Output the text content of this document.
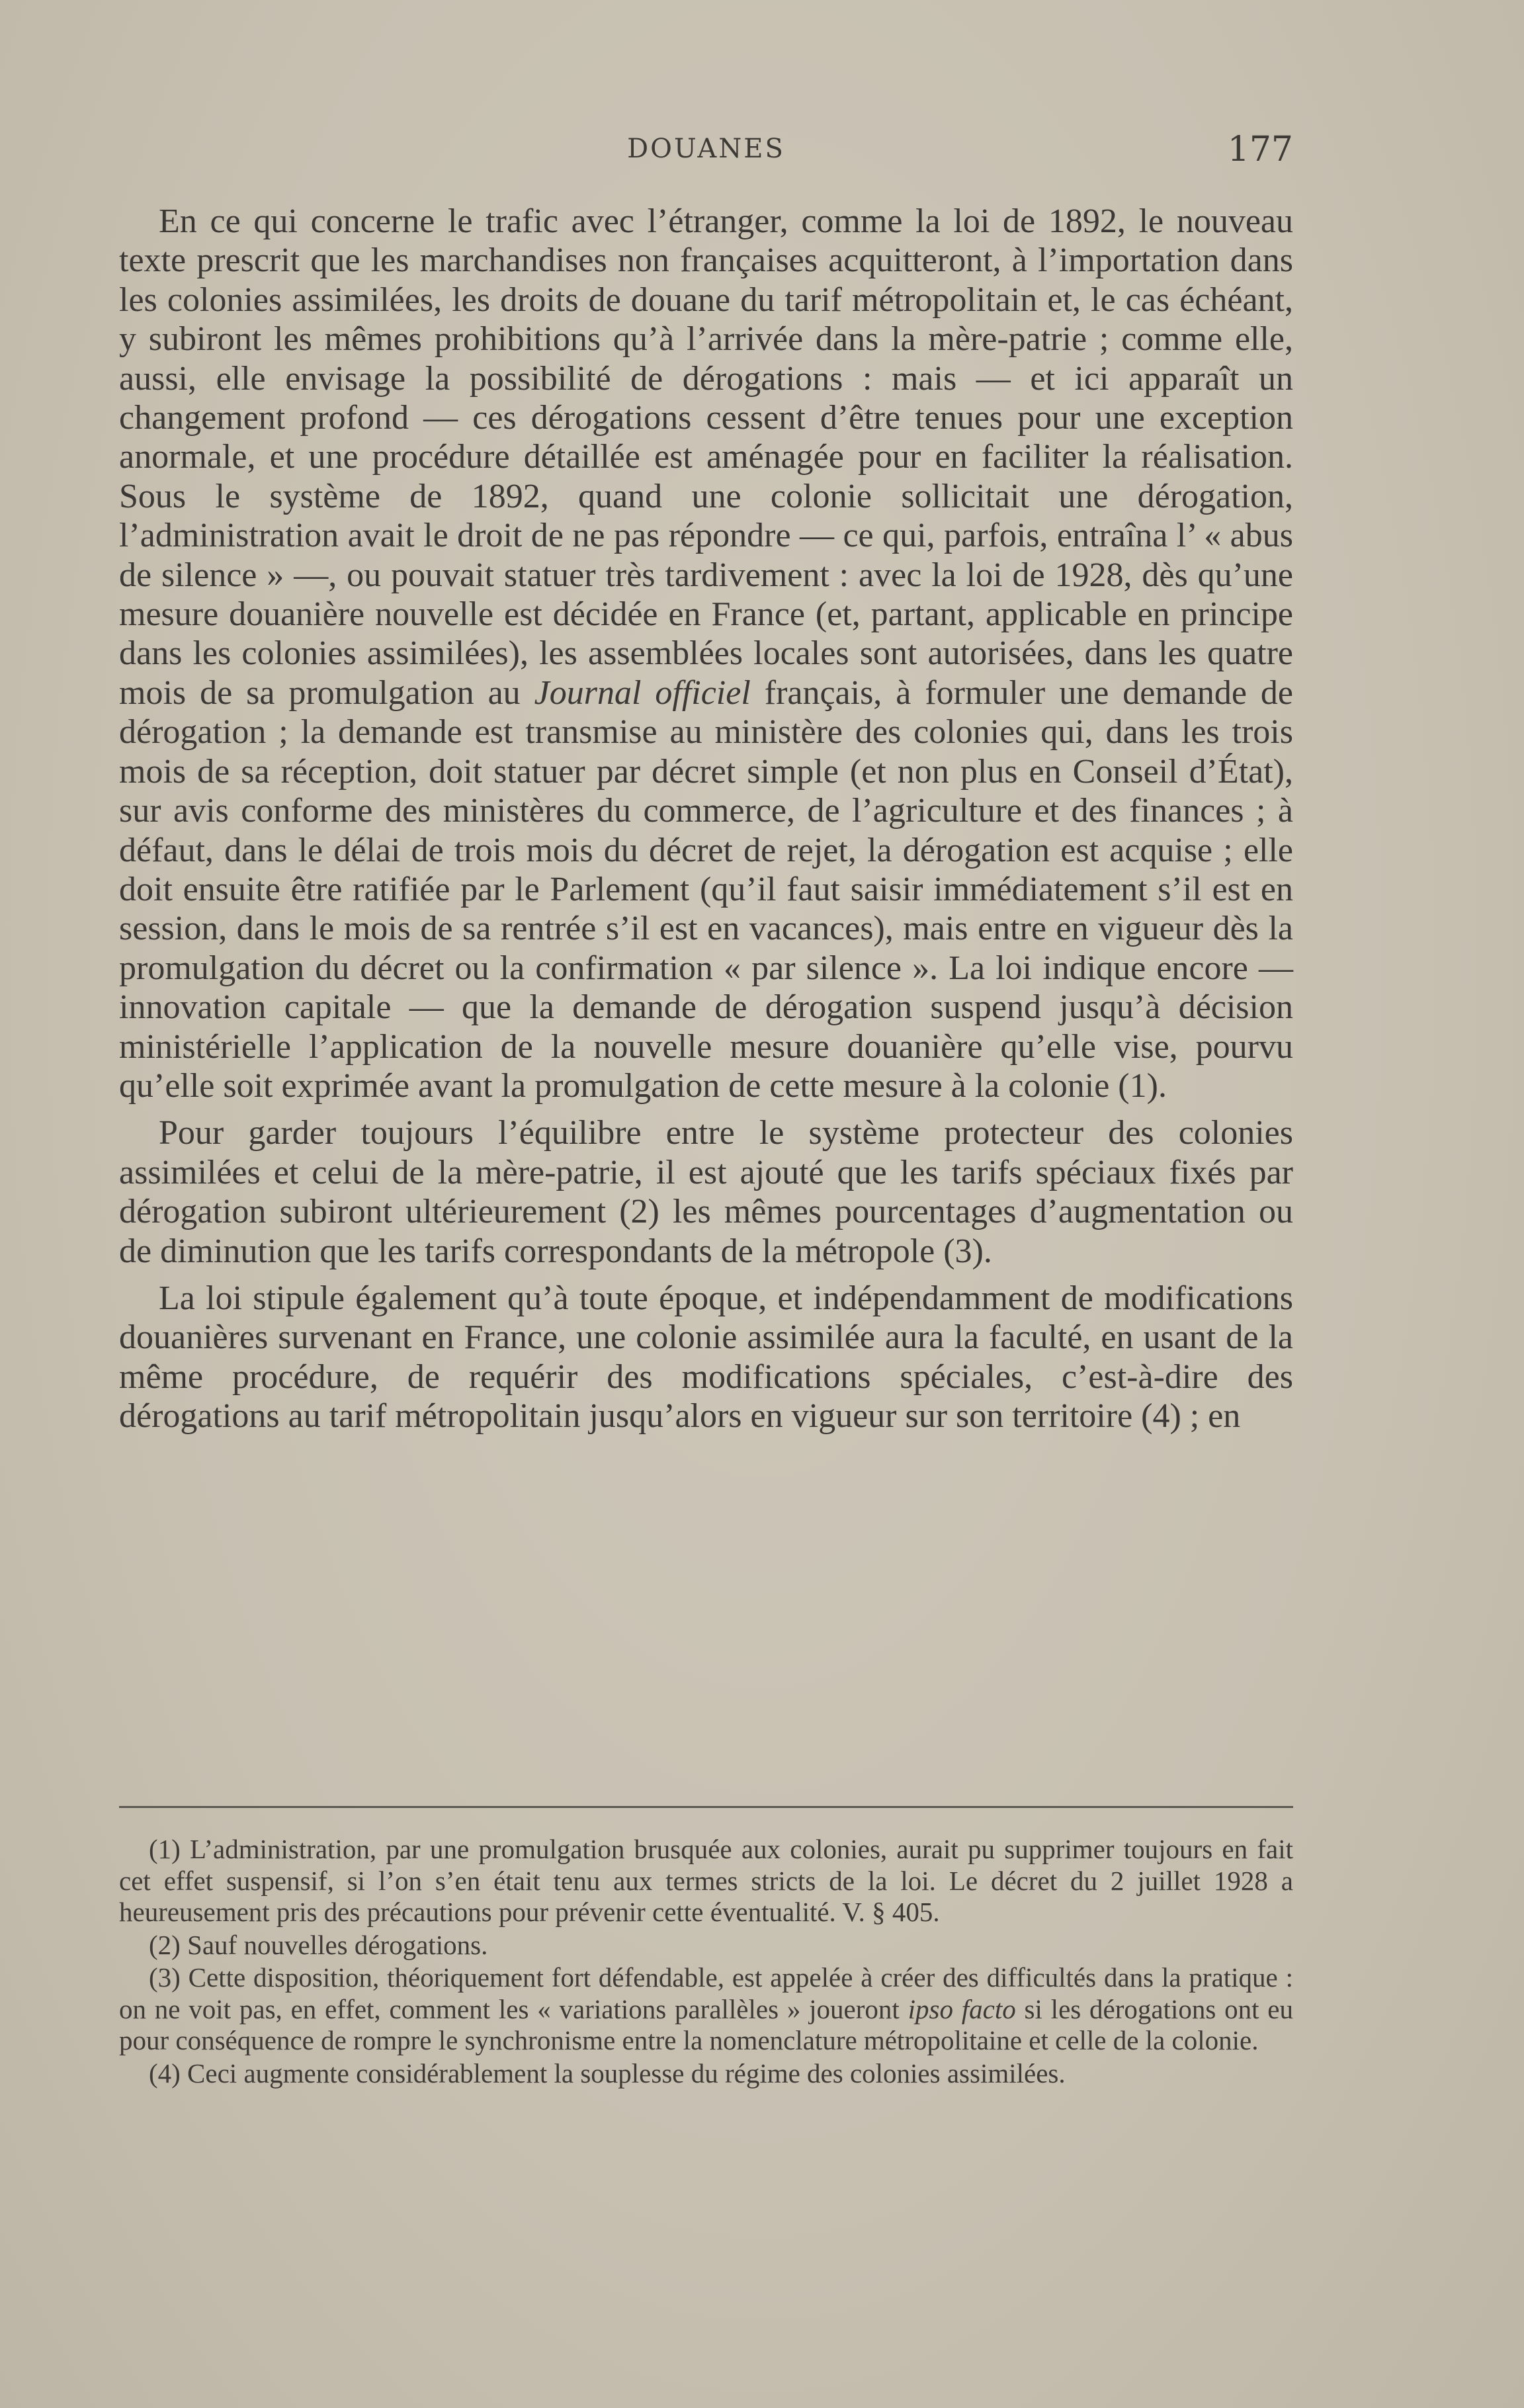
DOUANES	177

En ce qui concerne le trafic avec l’étranger, comme la loi de 1892, le nouveau texte prescrit que les marchandises non françaises acquitteront, à l’importation dans les colonies assimilées, les droits de douane du tarif métropolitain et, le cas échéant, y subiront les mêmes prohibitions qu’à l’arrivée dans la mère-patrie ; comme elle, aussi, elle envisage la possibilité de dérogations : mais — et ici apparaît un changement profond — ces dérogations cessent d’être tenues pour une exception anormale, et une procédure détaillée est aménagée pour en faciliter la réalisation. Sous le système de 1892, quand une colonie sollicitait une dérogation, l’administration avait le droit de ne pas répondre — ce qui, parfois, entraîna l’ « abus de silence » —, ou pouvait statuer très tardivement : avec la loi de 1928, dès qu’une mesure douanière nouvelle est décidée en France (et, partant, applicable en principe dans les colonies assimilées), les assemblées locales sont autorisées, dans les quatre mois de sa promulgation au Journal officiel français, à formuler une demande de dérogation ; la demande est transmise au ministère des colonies qui, dans les trois mois de sa réception, doit statuer par décret simple (et non plus en Conseil d’État), sur avis conforme des ministères du commerce, de l’agriculture et des finances ; à défaut, dans le délai de trois mois du décret de rejet, la dérogation est acquise ; elle doit ensuite être ratifiée par le Parlement (qu’il faut saisir immédiatement s’il est en session, dans le mois de sa rentrée s’il est en vacances), mais entre en vigueur dès la promulgation du décret ou la confirmation « par silence ». La loi indique encore — innovation capitale — que la demande de dérogation suspend jusqu’à décision ministérielle l’application de la nouvelle mesure douanière qu’elle vise, pourvu qu’elle soit exprimée avant la promulgation de cette mesure à la colonie (1).

Pour garder toujours l’équilibre entre le système protecteur des colonies assimilées et celui de la mère-patrie, il est ajouté que les tarifs spéciaux fixés par dérogation subiront ultérieurement (2) les mêmes pourcentages d’augmentation ou de diminution que les tarifs correspondants de la métropole (3).

La loi stipule également qu’à toute époque, et indépendamment de modifications douanières survenant en France, une colonie assimilée aura la faculté, en usant de la même procédure, de requérir des modifications spéciales, c’est-à-dire des dérogations au tarif métropolitain jusqu’alors en vigueur sur son territoire (4) ; en

(1) L’administration, par une promulgation brusquée aux colonies, aurait pu supprimer toujours en fait cet effet suspensif, si l’on s’en était tenu aux termes stricts de la loi. Le décret du 2 juillet 1928 a heureusement pris des précautions pour prévenir cette éventualité. V. § 405.
(2) Sauf nouvelles dérogations.
(3) Cette disposition, théoriquement fort défendable, est appelée à créer des difficultés dans la pratique : on ne voit pas, en effet, comment les « variations parallèles » joueront ipso facto si les dérogations ont eu pour conséquence de rompre le synchronisme entre la nomenclature métropolitaine et celle de la colonie.
(4) Ceci augmente considérablement la souplesse du régime des colonies assimilées.
